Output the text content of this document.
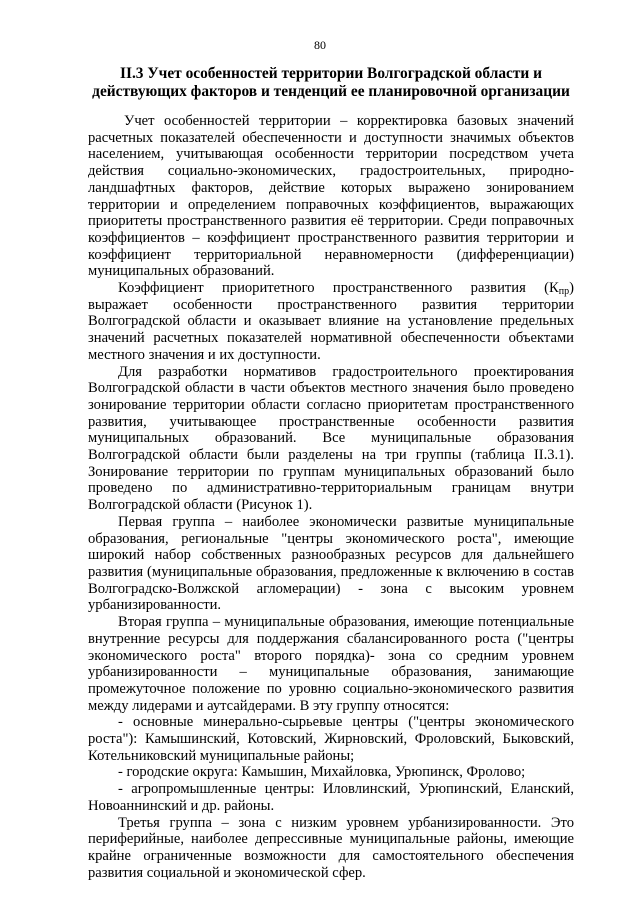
80
II.3 Учет особенностей территории Волгоградской области и действующих факторов и тенденций ее планировочной организации

Учет особенностей территории – корректировка базовых значений расчетных показателей обеспеченности и доступности значимых объектов населением, учитывающая особенности территории посредством учета действия социально-экономических, градостроительных, природно-ландшафтных факторов, действие которых выражено зонированием территории и определением поправочных коэффициентов, выражающих приоритеты пространственного развития её территории. Среди поправочных коэффициентов – коэффициент пространственного развития территории и коэффициент территориальной неравномерности (дифференциации) муниципальных образований.

Коэффициент приоритетного пространственного развития $(К_{пр})$ выражает особенности пространственного развития территории Волгоградской области и оказывает влияние на установление предельных значений расчетных показателей нормативной обеспеченности объектами местного значения и их доступности.

Для разработки нормативов градостроительного проектирования Волгоградской области в части объектов местного значения было проведено зонирование территории области согласно приоритетам пространственного развития, учитывающее пространственные особенности развития муниципальных образований. Все муниципальные образования Волгоградской области были разделены на три группы (таблица II.3.1). Зонирование территории по группам муниципальных образований было проведено по административно-территориальным границам внутри Волгоградской области (Рисунок 1).

Первая группа – наиболее экономически развитые муниципальные образования, региональные "центры экономического роста", имеющие широкий набор собственных разнообразных ресурсов для дальнейшего развития (муниципальные образования, предложенные к включению в состав Волгоградско-Волжской агломерации) - зона с высоким уровнем урбанизированности.

Вторая группа – муниципальные образования, имеющие потенциальные внутренние ресурсы для поддержания сбалансированного роста ("центры экономического роста" второго порядка)- зона со средним уровнем урбанизированности – муниципальные образования, занимающие промежуточное положение по уровню социально-экономического развития между лидерами и аутсайдерами. В эту группу относятся:

- основные минерально-сырьевые центры ("центры экономического роста"): Камышинский, Котовский, Жирновский, Фроловский, Быковский, Котельниковский муниципальные районы;

- городские округа: Камышин, Михайловка, Урюпинск, Фролово;

- агропромышленные центры: Иловлинский, Урюпинский, Еланский, Новоаннинский и др. районы.

Третья группа – зона с низким уровнем урбанизированности. Это периферийные, наиболее депрессивные муниципальные районы, имеющие крайне ограниченные возможности для самостоятельного обеспечения развития социальной и экономической сфер.
